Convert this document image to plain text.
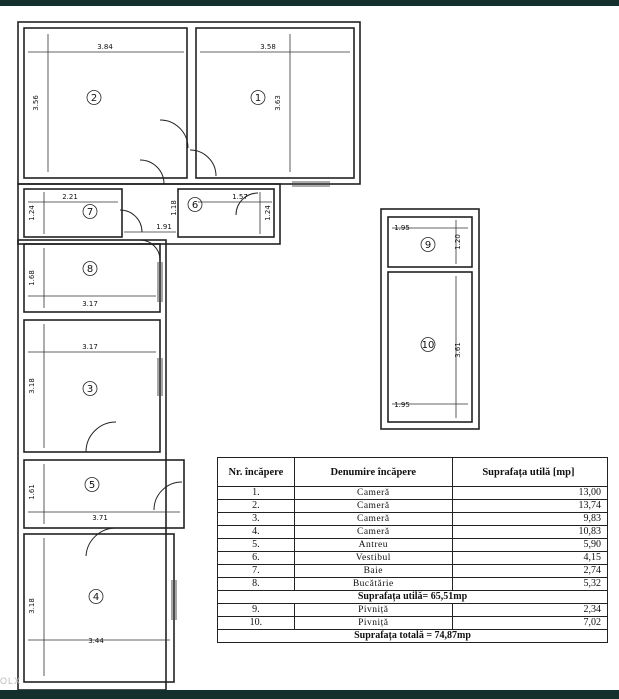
2
3.84
3.56	1
3.58
3.63
7
2.21
1.24	6
1.57
1.24
1.91
1.18
8
3.17
1.68
3
3.17
3.18
5
3.71
1.61
4
3.44
3.18
9
1.95
1.20
10
1.95
3.61
OLX
Nr. încăpere	Denumire încăpere	Suprafața utilă [mp]
1.	Cameră	13,00
2.	Cameră	13,74
3.	Cameră	9,83
4.	Cameră	10,83
5.	Antreu	5,90
6.	Vestibul	4,15
7.	Baie	2,74
8.	Bucătărie	5,32
Suprafața utilă= 65,51mp		
9.	Pivniță	2,34
10.	Pivniță	7,02
Suprafața totală = 74,87mp		
